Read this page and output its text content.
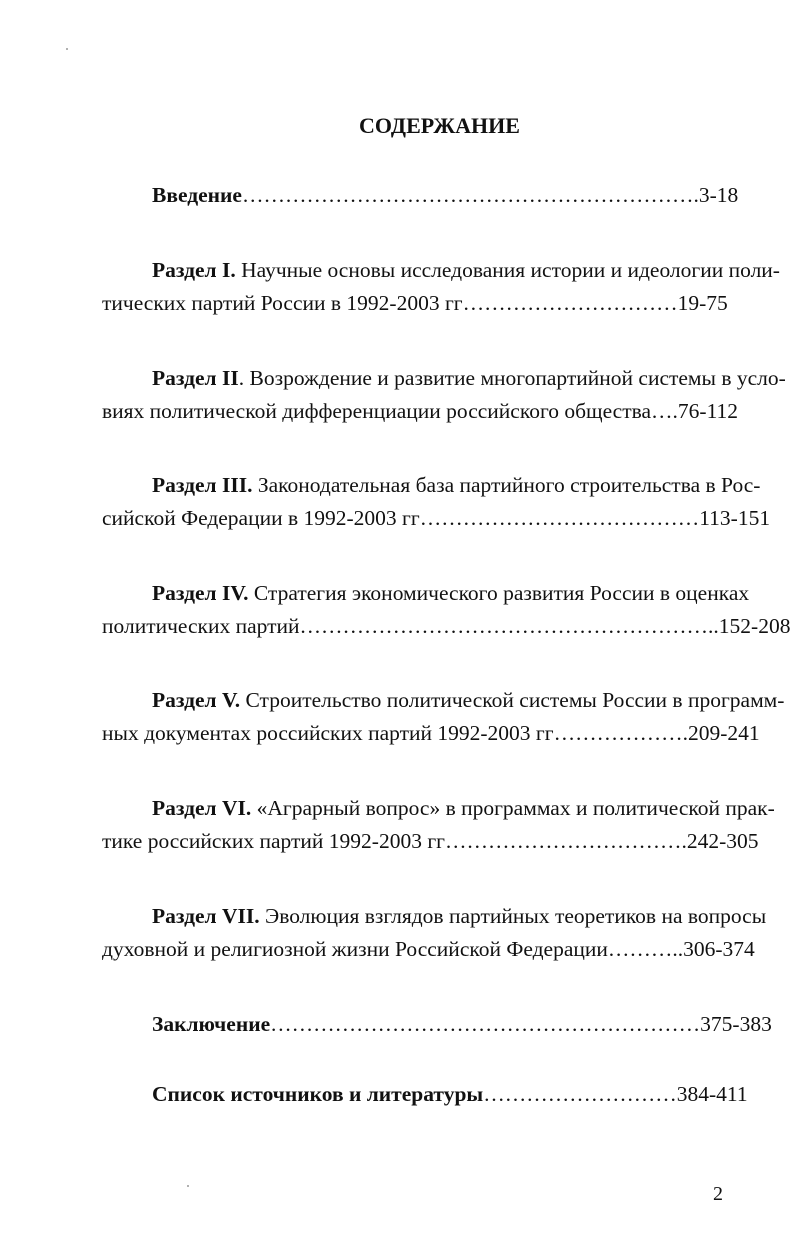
СОДЕРЖАНИЕ
Введение……………………………………………………….3-18
Раздел I. Научные основы исследования истории и идеологии поли-
тических партий России в 1992-2003 гг…………………………19-75
Раздел II. Возрождение и развитие многопартийной системы в усло-
виях политической дифференциации российского общества….76-112
Раздел III. Законодательная база партийного строительства в Рос-
сийской Федерации в 1992-2003 гг…………………………………113-151
Раздел IV. Стратегия экономического развития России в оценках
политических партий…………………………………………………..152-208
Раздел V. Строительство политической системы России в программ-
ных документах российских партий 1992-2003 гг……………….209-241
Раздел VI. «Аграрный вопрос» в программах и политической прак-
тике российских партий 1992-2003 гг…………………………….242-305
Раздел VII. Эволюция взглядов партийных теоретиков на вопросы
духовной и религиозной жизни Российской Федерации………..306-374
Заключение……………………………………………………375-383
Список источников и литературы………………………384-411
2
